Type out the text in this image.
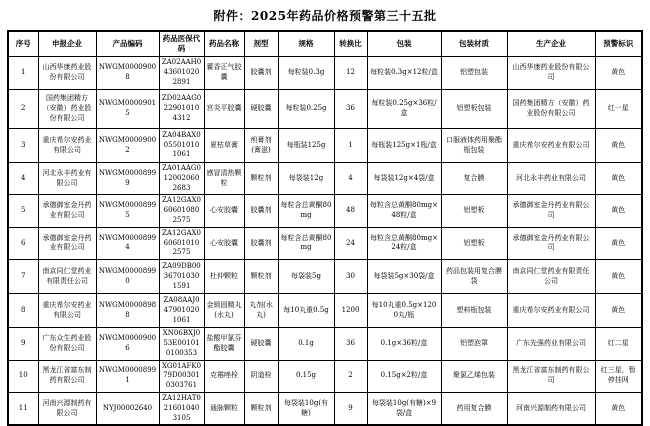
附件：2025年药品价格预警第三十五批
序号	申报企业	产品编码	药品医保代码	药品名称	剂型	规格	转换比	包装	包装材质	生产企业	预警标识
1	山西华康药业股份有限公司	NWGM00009008	ZA02AAH0436010202891	藿香正气胶囊	胶囊剂	每粒装0.3g	12	每粒装0.3g×12粒/盒	铝塑包装	山西华康药业股份有限公司	黄色
2	国药集团精方（安徽）药业股份有限公司	NWGM00009015	ZD02AAG0229010104312	宫炎平胶囊	硬胶囊	每粒装0.25g	36	每粒装0.25g×36粒/盒	铝塑板包装	国药集团精方（安徽）药业股份有限公司	红一星
3	重庆希尔安药业有限公司	NWGM00009002	ZA04BAX0055010101061	夏枯草膏	煎膏剂(膏滋)	每瓶装125g	1	每瓶装125g×1瓶/盒	口服液体药用聚酯瓶包装	重庆希尔安药业有限公司	黄色
4	河北永丰药业有限公司	NWGM00008999	ZA01AAG0120020602683	感冒清热颗粒	颗粒剂	每袋装12g	4	每袋装12g×4袋/盒	复合膜	河北永丰药业有限公司	黄色
5	承德御室金丹药业有限公司	NWGM00008995	ZA12GAX0606010802575	心安胶囊	胶囊剂	每粒含总黄酮80mg	48	每粒含总黄酮80mg×48粒/盒	铝塑板	承德御室金丹药业有限公司	黄色
6	承德御室金丹药业有限公司	NWGM00008994	ZA12GAX0606010102575	心安胶囊	胶囊剂	每粒含总黄酮80mg	24	每粒含总黄酮80mg×24粒/盒	铝塑板	承德御室金丹药业有限公司	黄色
7	南京同仁堂药业有限责任公司	NWGM00008990	ZA09DB00367010301591	杜仲颗粒	颗粒剂	每袋装5g	30	每袋装5g×30袋/盒	药品包装用复合膜袋	南京同仁堂药业有限责任公司	黄色
8	重庆希尔安药业有限公司	NWGM00008988	ZA08AAJ0479010201061	金锁固精丸(水丸)	丸剂(水丸)	每10丸重0.5g	1200	每10丸重0.5g×1200丸/瓶	塑料瓶包装	重庆希尔安药业有限公司	黄色
9	广东众生药业股份有限公司	NWGM00009006	XN06BXJ053E001010100353	盐酸甲氯芬酯胶囊	硬胶囊	0.1g	36	0.1g×36粒/盒	铝塑泡罩	广东先强药业有限公司	红二星
10	黑龙江省富东制药有限公司	NWGM00008991	XG01AFK079D003010303761	克霉唑栓	阴道栓	0.15g	2	0.15g×2粒/盒	聚氯乙烯包装	黑龙江省富东制药有限公司	红三星，暂停挂网
11	河南兴源制药有限公司	NYJ00002640	ZA12HAT0216010403105	通脉颗粒	颗粒剂	每袋装10g(有糖)	9	每袋装10g(有糖)×9袋/盒	药用复合膜	河南兴源制药有限公司	黄色
